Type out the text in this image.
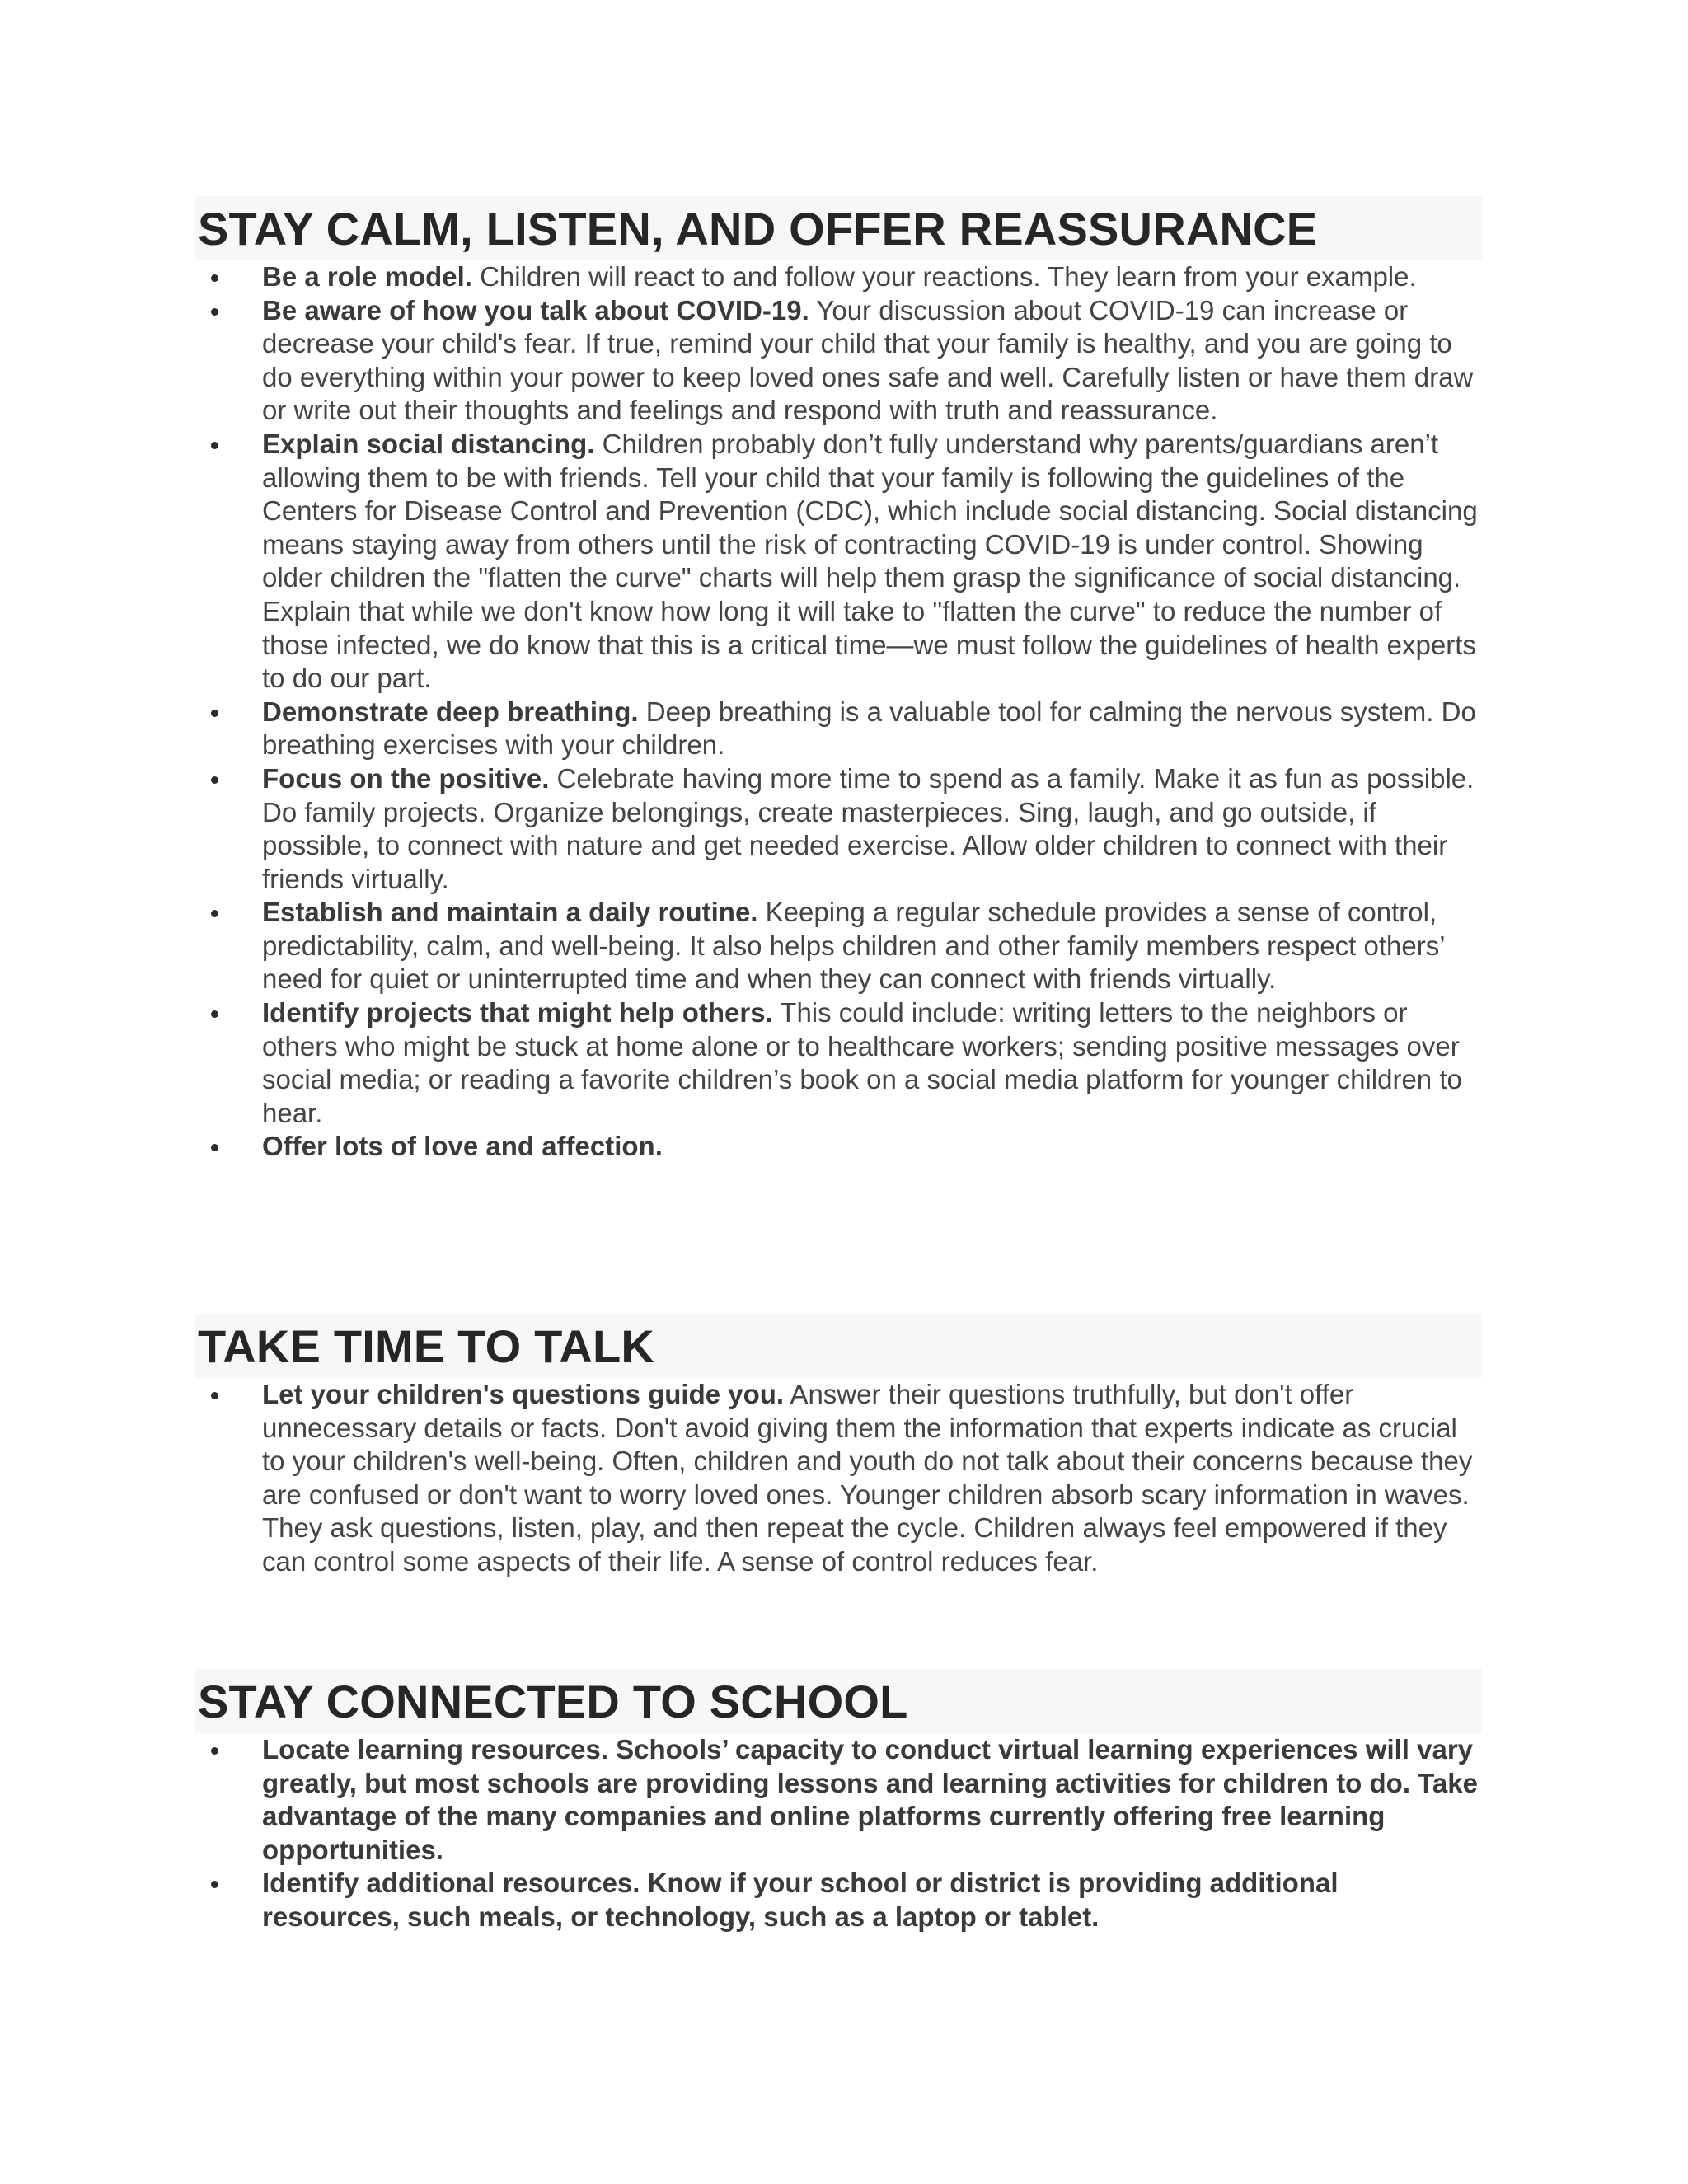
STAY CALM, LISTEN, AND OFFER REASSURANCE
Be a role model. Children will react to and follow your reactions. They learn from your example.
Be aware of how you talk about COVID-19. Your discussion about COVID-19 can increase or decrease your child's fear. If true, remind your child that your family is healthy, and you are going to do everything within your power to keep loved ones safe and well. Carefully listen or have them draw or write out their thoughts and feelings and respond with truth and reassurance.
Explain social distancing. Children probably don’t fully understand why parents/guardians aren’t allowing them to be with friends. Tell your child that your family is following the guidelines of the Centers for Disease Control and Prevention (CDC), which include social distancing. Social distancing means staying away from others until the risk of contracting COVID-19 is under control. Showing older children the "flatten the curve" charts will help them grasp the significance of social distancing. Explain that while we don't know how long it will take to "flatten the curve" to reduce the number of those infected, we do know that this is a critical time—we must follow the guidelines of health experts to do our part.
Demonstrate deep breathing. Deep breathing is a valuable tool for calming the nervous system. Do breathing exercises with your children.
Focus on the positive. Celebrate having more time to spend as a family. Make it as fun as possible. Do family projects. Organize belongings, create masterpieces. Sing, laugh, and go outside, if possible, to connect with nature and get needed exercise. Allow older children to connect with their friends virtually.
Establish and maintain a daily routine. Keeping a regular schedule provides a sense of control, predictability, calm, and well-being. It also helps children and other family members respect others’ need for quiet or uninterrupted time and when they can connect with friends virtually.
Identify projects that might help others. This could include: writing letters to the neighbors or others who might be stuck at home alone or to healthcare workers; sending positive messages over social media; or reading a favorite children’s book on a social media platform for younger children to hear.
Offer lots of love and affection.
TAKE TIME TO TALK
Let your children's questions guide you. Answer their questions truthfully, but don't offer unnecessary details or facts. Don't avoid giving them the information that experts indicate as crucial to your children's well-being. Often, children and youth do not talk about their concerns because they are confused or don't want to worry loved ones. Younger children absorb scary information in waves. They ask questions, listen, play, and then repeat the cycle. Children always feel empowered if they can control some aspects of their life. A sense of control reduces fear.
STAY CONNECTED TO SCHOOL
Locate learning resources. Schools’ capacity to conduct virtual learning experiences will vary greatly, but most schools are providing lessons and learning activities for children to do. Take advantage of the many companies and online platforms currently offering free learning opportunities.
Identify additional resources. Know if your school or district is providing additional resources, such meals, or technology, such as a laptop or tablet.
